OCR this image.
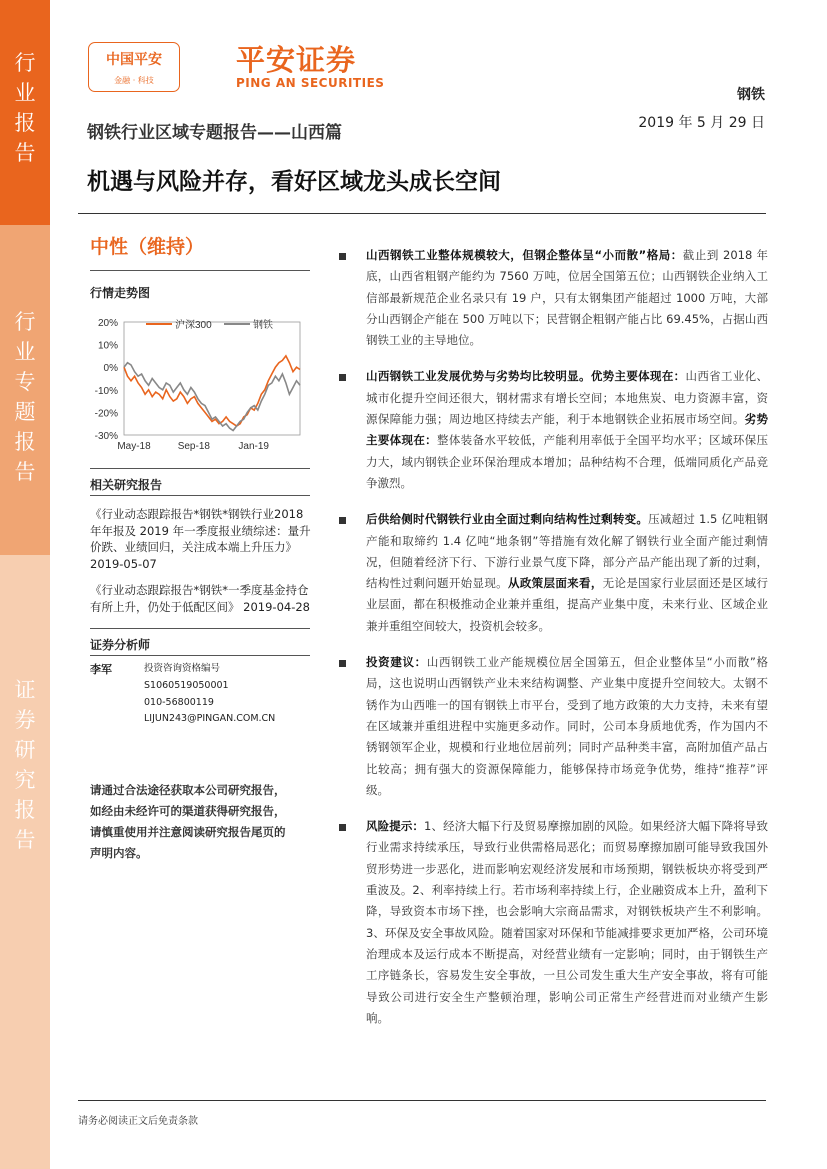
行
业
报
告
行
业
专
题
报
告
证
券
研
究
报
告
中国平安
金融 · 科技
平安证券
PING AN SECURITIES
钢铁
2019 年 5 月 29 日
钢铁行业区域专题报告——山西篇
机遇与风险并存，看好区域龙头成长空间
中性（维持）
行情走势图
20%
10%
0%
-10%
-20%
-30%
May-18	Sep-18	Jan-19
沪深300	钢铁
相关研究报告

《行业动态跟踪报告*钢铁*钢铁行业2018 年年报及 2019 年一季度报业绩综述：量升价跌、业绩回归，关注成本端上升压力》 2019-05-07

《行业动态跟踪报告*钢铁*一季度基金持仓有所上升，仍处于低配区间》 2019-04-28

证券分析师
李军	投资咨询资格编号
S1060519050001
010-56800119
LIJUN243@PINGAN.COM.CN
请通过合法途径获取本公司研究报告，如经由未经许可的渠道获得研究报告，请慎重使用并注意阅读研究报告尾页的声明内容。
山西钢铁工业整体规模较大，但钢企整体呈“小而散”格局：截止到 2018 年底，山西省粗钢产能约为 7560 万吨，位居全国第五位；山西钢铁企业纳入工信部最新规范企业名录只有 19 户，只有太钢集团产能超过 1000 万吨，大部分山西钢企产能在 500 万吨以下；民营钢企粗钢产能占比 69.45%，占据山西钢铁工业的主导地位。
山西钢铁工业发展优势与劣势均比较明显。优势主要体现在：山西省工业化、城市化提升空间还很大，钢材需求有增长空间；本地焦炭、电力资源丰富，资源保障能力强；周边地区持续去产能，利于本地钢铁企业拓展市场空间。劣势主要体现在：整体装备水平较低，产能利用率低于全国平均水平；区域环保压力大，域内钢铁企业环保治理成本增加；品种结构不合理，低端同质化产品竞争激烈。
后供给侧时代钢铁行业由全面过剩向结构性过剩转变。压减超过 1.5 亿吨粗钢产能和取缔约 1.4 亿吨“地条钢”等措施有效化解了钢铁行业全面产能过剩情况，但随着经济下行、下游行业景气度下降，部分产品产能出现了新的过剩，结构性过剩问题开始显现。从政策层面来看，无论是国家行业层面还是区域行业层面，都在积极推动企业兼并重组，提高产业集中度，未来行业、区域企业兼并重组空间较大，投资机会较多。
投资建议：山西钢铁工业产能规模位居全国第五，但企业整体呈“小而散”格局，这也说明山西钢铁产业未来结构调整、产业集中度提升空间较大。太钢不锈作为山西唯一的国有钢铁上市平台，受到了地方政策的大力支持，未来有望在区域兼并重组进程中实施更多动作。同时，公司本身质地优秀，作为国内不锈钢领军企业，规模和行业地位居前列；同时产品种类丰富，高附加值产品占比较高；拥有强大的资源保障能力，能够保持市场竞争优势，维持“推荐”评级。
风险提示：1、经济大幅下行及贸易摩擦加剧的风险。如果经济大幅下降将导致行业需求持续承压，导致行业供需格局恶化；而贸易摩擦加剧可能导致我国外贸形势进一步恶化，进而影响宏观经济发展和市场预期，钢铁板块亦将受到严重波及。2、利率持续上行。若市场利率持续上行，企业融资成本上升，盈利下降，导致资本市场下挫，也会影响大宗商品需求，对钢铁板块产生不利影响。3、环保及安全事故风险。随着国家对环保和节能减排要求更加严格，公司环境治理成本及运行成本不断提高，对经营业绩有一定影响；同时，由于钢铁生产工序链条长，容易发生安全事故，一旦公司发生重大生产安全事故，将有可能导致公司进行安全生产整顿治理，影响公司正常生产经营进而对业绩产生影响。
请务必阅读正文后免责条款
